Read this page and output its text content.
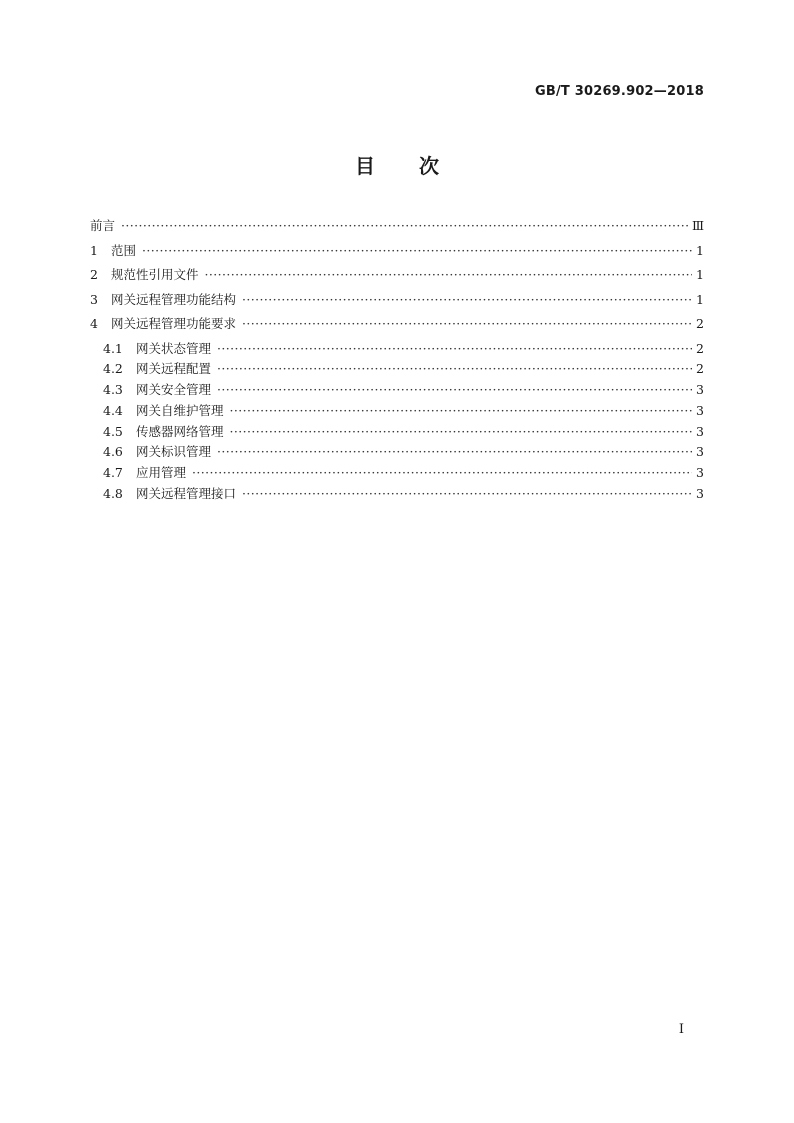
GB/T 30269.902—2018
目 次
前言 ·····	Ⅲ
1	范围 ·····	1
2	规范性引用文件 ·····	1
3	网关远程管理功能结构 ·····	1
4	网关远程管理功能要求 ·····	2
4.1	网关状态管理 ·····	2
4.2	网关远程配置 ·····	2
4.3	网关安全管理 ·····	3
4.4	网关自维护管理 ·····	3
4.5	传感器网络管理 ·····	3
4.6	网关标识管理 ·····	3
4.7	应用管理 ·····	3
4.8	网关远程管理接口 ·····	3
I
